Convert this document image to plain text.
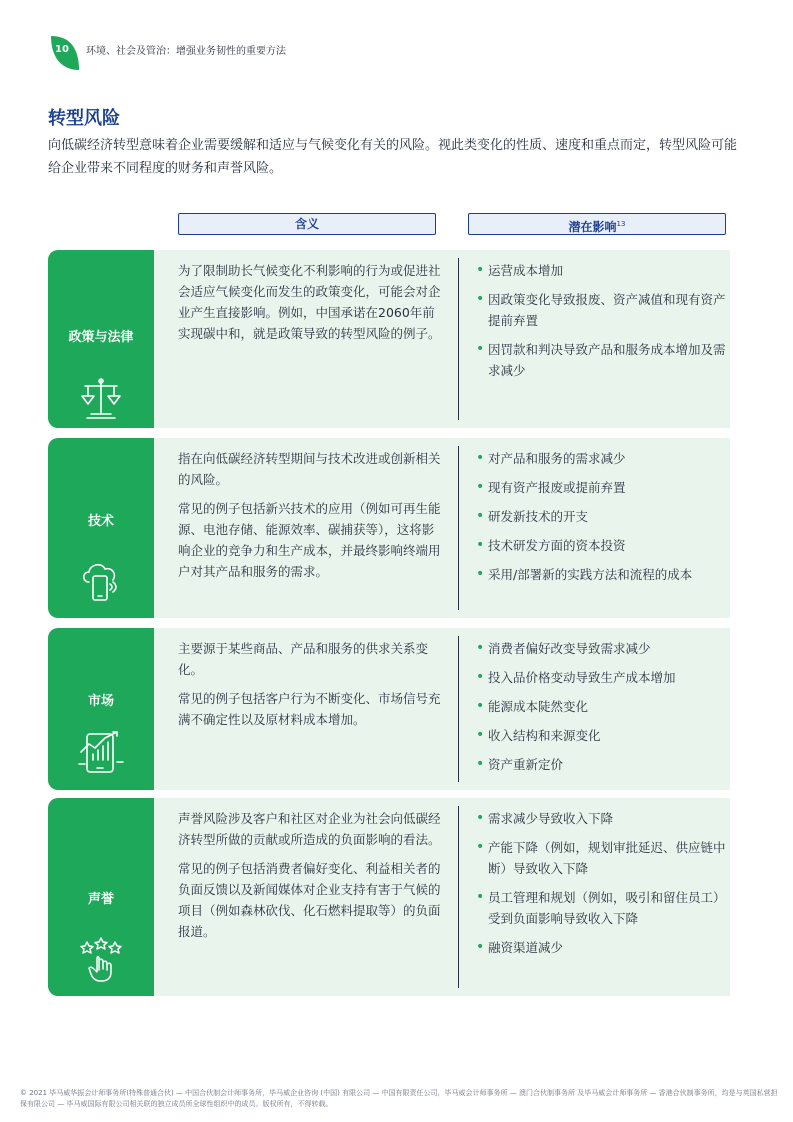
10	环境、社会及管治：增强业务韧性的重要方法
转型风险
向低碳经济转型意味着企业需要缓解和适应与气候变化有关的风险。视此类变化的性质、速度和重点而定，转型风险可能给企业带来不同程度的财务和声誉风险。
含义	潜在影响$^{13}$
政策与法律

为了限制助长气候变化不利影响的行为或促进社会适应气候变化而发生的政策变化，可能会对企业产生直接影响。例如，中国承诺在2060年前实现碳中和，就是政策导致的转型风险的例子。

• 运营成本增加
• 因政策变化导致报废、资产减值和现有资产提前弃置
• 因罚款和判决导致产品和服务成本增加及需求减少
技术

指在向低碳经济转型期间与技术改进或创新相关的风险。

常见的例子包括新兴技术的应用（例如可再生能源、电池存储、能源效率、碳捕获等），这将影响企业的竞争力和生产成本，并最终影响终端用户对其产品和服务的需求。

• 对产品和服务的需求减少
• 现有资产报废或提前弃置
• 研发新技术的开支
• 技术研发方面的资本投资
• 采用/部署新的实践方法和流程的成本
市场

主要源于某些商品、产品和服务的供求关系变化。

常见的例子包括客户行为不断变化、市场信号充满不确定性以及原材料成本增加。

• 消费者偏好改变导致需求减少
• 投入品价格变动导致生产成本增加
• 能源成本陡然变化
• 收入结构和来源变化
• 资产重新定价
声誉

声誉风险涉及客户和社区对企业为社会向低碳经济转型所做的贡献或所造成的负面影响的看法。

常见的例子包括消费者偏好变化、利益相关者的负面反馈以及新闻媒体对企业支持有害于气候的项目（例如森林砍伐、化石燃料提取等）的负面报道。

• 需求减少导致收入下降
• 产能下降（例如，规划审批延迟、供应链中断）导致收入下降
• 员工管理和规划（例如，吸引和留住员工）受到负面影响导致收入下降
• 融资渠道减少
© 2021 毕马威华振会计师事务所(特殊普通合伙) — 中国合伙制会计师事务所，毕马威企业咨询 (中国) 有限公司 — 中国有限责任公司，毕马威会计师事务所 — 澳门合伙制事务所 及毕马威会计师事务所 — 香港合伙制事务所，均是与英国私营担保有限公司 — 毕马威国际有限公司相关联的独立成员所全球性组织中的成员。版权所有，不得转载。
